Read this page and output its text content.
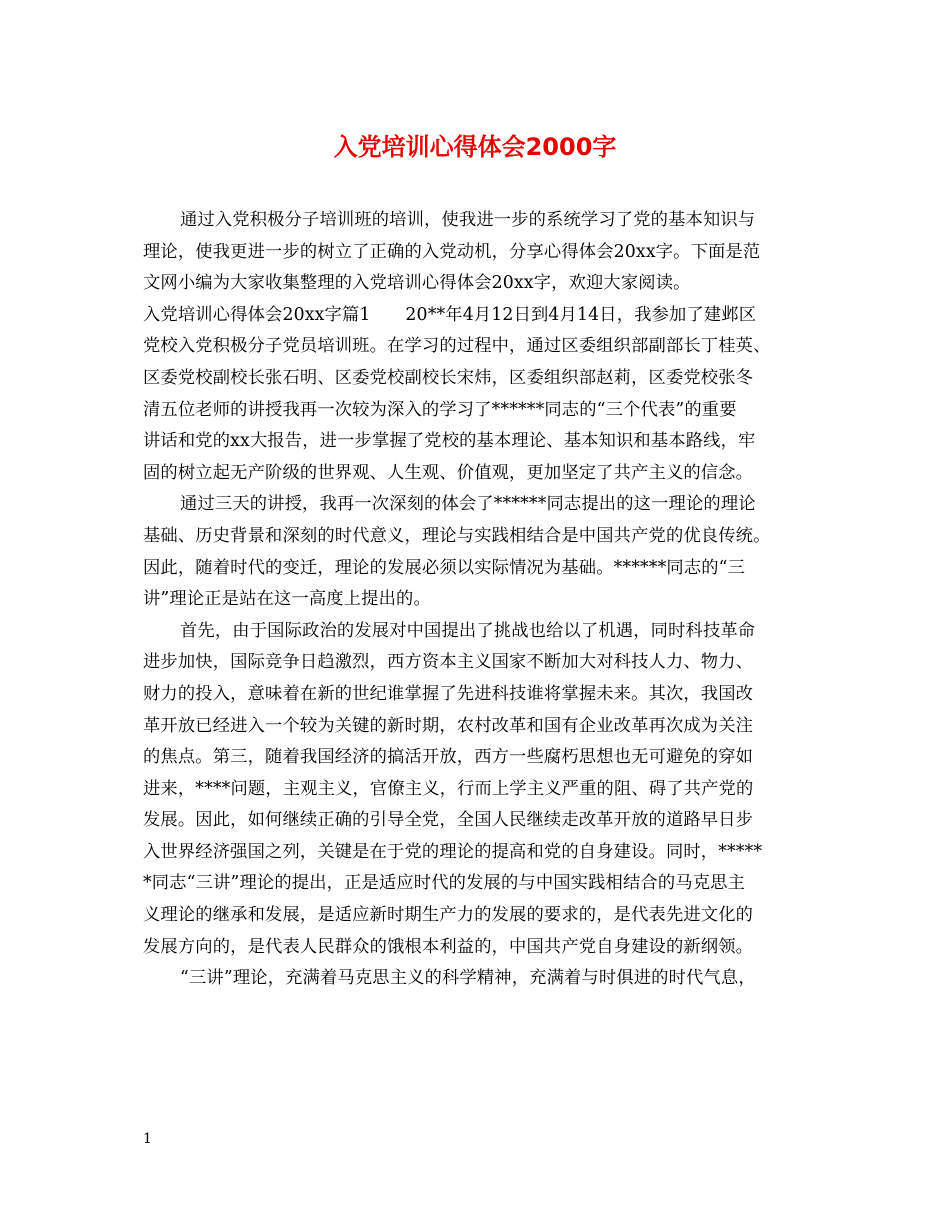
入党培训心得体会2000字
通过入党积极分子培训班的培训，使我进一步的系统学习了党的基本知识与
理论，使我更进一步的树立了正确的入党动机，分享心得体会20xx字。下面是范
文网小编为大家收集整理的入党培训心得体会20xx字，欢迎大家阅读。
入党培训心得体会20xx字篇1　　20**年4月12日到4月14日，我参加了建邺区
党校入党积极分子党员培训班。在学习的过程中，通过区委组织部副部长丁桂英、
区委党校副校长张石明、区委党校副校长宋炜，区委组织部赵莉，区委党校张冬
清五位老师的讲授我再一次较为深入的学习了******同志的“三个代表”的重要
讲话和党的xx大报告，进一步掌握了党校的基本理论、基本知识和基本路线，牢
固的树立起无产阶级的世界观、人生观、价值观，更加坚定了共产主义的信念。
通过三天的讲授，我再一次深刻的体会了******同志提出的这一理论的理论
基础、历史背景和深刻的时代意义，理论与实践相结合是中国共产党的优良传统。
因此，随着时代的变迁，理论的发展必须以实际情况为基础。******同志的“三
讲”理论正是站在这一高度上提出的。
首先，由于国际政治的发展对中国提出了挑战也给以了机遇，同时科技革命
进步加快，国际竞争日趋激烈，西方资本主义国家不断加大对科技人力、物力、
财力的投入，意味着在新的世纪谁掌握了先进科技谁将掌握未来。其次，我国改
革开放已经进入一个较为关键的新时期，农村改革和国有企业改革再次成为关注
的焦点。第三，随着我国经济的搞活开放，西方一些腐朽思想也无可避免的穿如
进来，****问题，主观主义，官僚主义，行而上学主义严重的阻、碍了共产党的
发展。因此，如何继续正确的引导全党，全国人民继续走改革开放的道路早日步
入世界经济强国之列，关键是在于党的理论的提高和党的自身建设。同时，*****
*同志“三讲”理论的提出，正是适应时代的发展的与中国实践相结合的马克思主
义理论的继承和发展，是适应新时期生产力的发展的要求的，是代表先进文化的
发展方向的，是代表人民群众的饿根本利益的，中国共产党自身建设的新纲领。
“三讲”理论，充满着马克思主义的科学精神，充满着与时俱进的时代气息，
1
